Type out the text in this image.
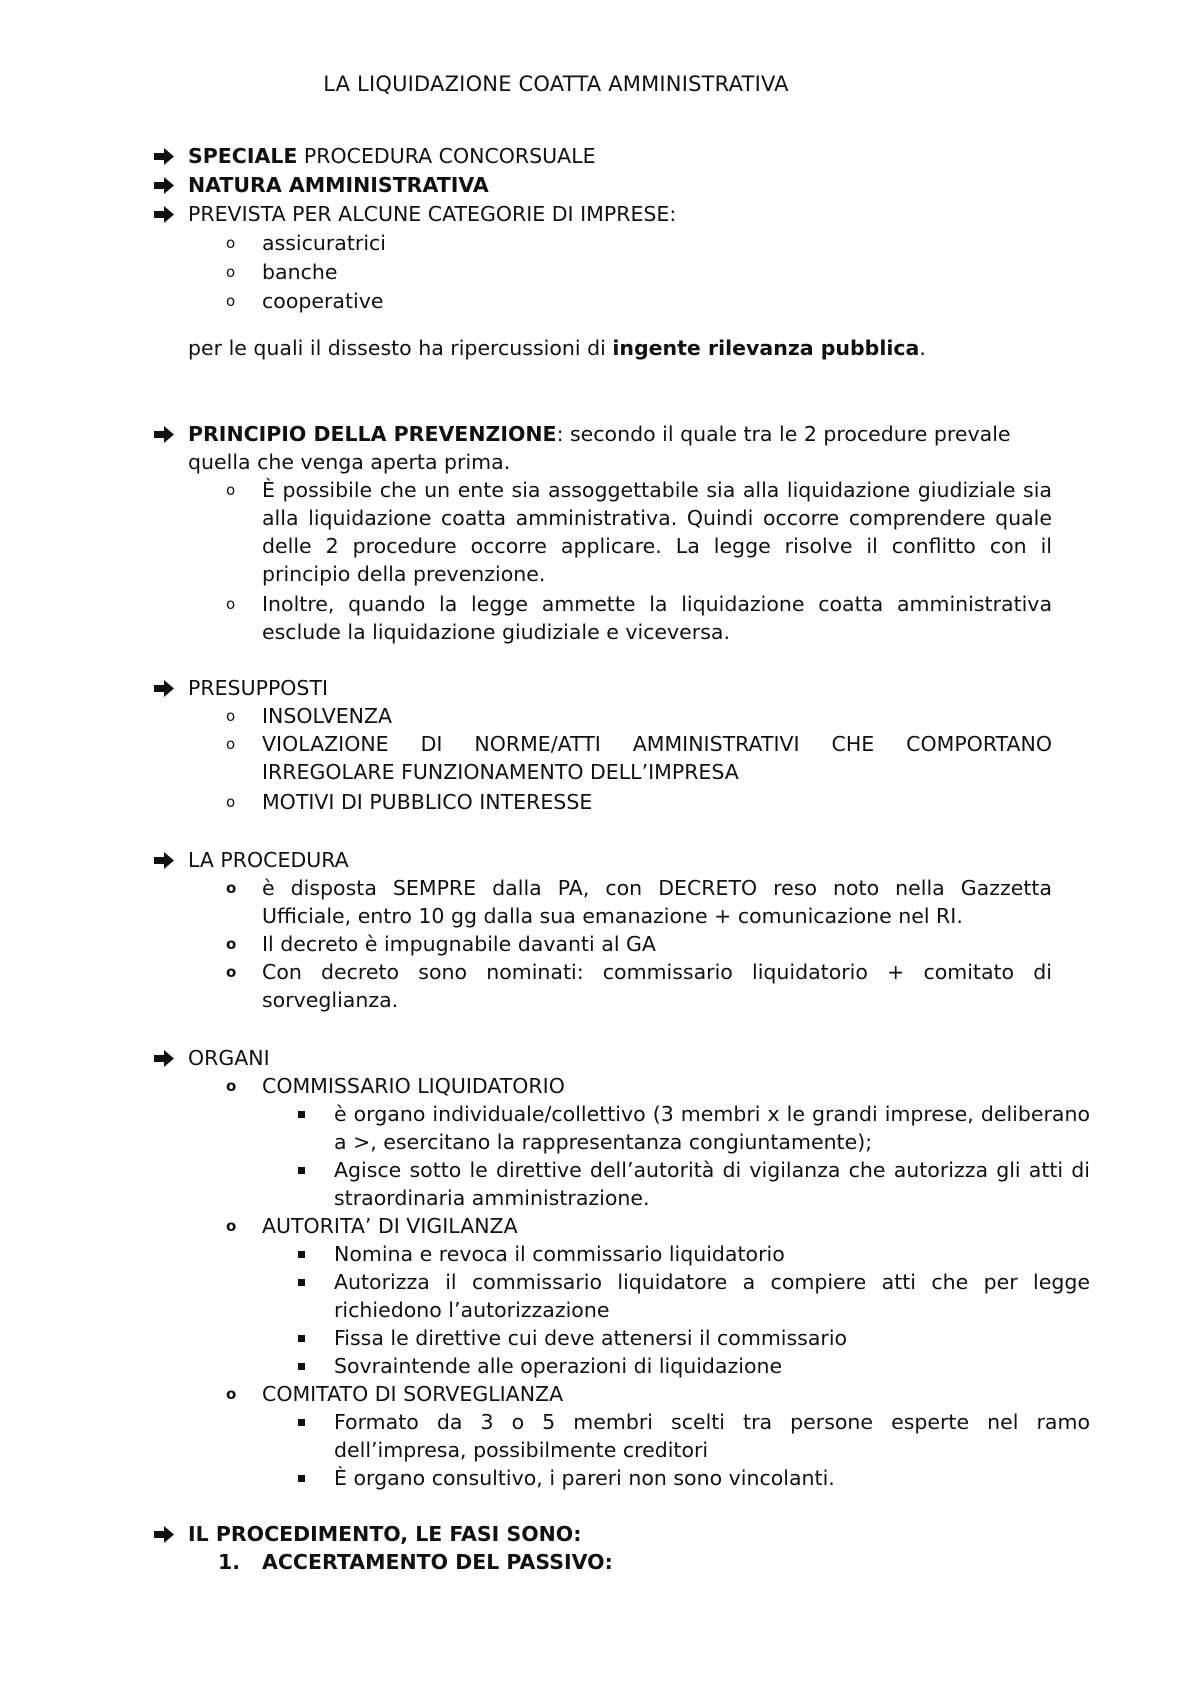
LA LIQUIDAZIONE COATTA AMMINISTRATIVA
SPECIALE PROCEDURA CONCORSUALE
NATURA AMMINISTRATIVA
PREVISTA PER ALCUNE CATEGORIE DI IMPRESE:
o assicuratrici
o banche
o cooperative
per le quali il dissesto ha ripercussioni di ingente rilevanza pubblica.
PRINCIPIO DELLA PREVENZIONE: secondo il quale tra le 2 procedure prevale
quella che venga aperta prima.
o È possibile che un ente sia assoggettabile sia alla liquidazione giudiziale sia alla liquidazione coatta amministrativa. Quindi occorre comprendere quale delle 2 procedure occorre applicare. La legge risolve il conflitto con il principio della prevenzione.
o Inoltre, quando la legge ammette la liquidazione coatta amministrativa esclude la liquidazione giudiziale e viceversa.
PRESUPPOSTI
o INSOLVENZA
o VIOLAZIONE DI NORME/ATTI AMMINISTRATIVI CHE COMPORTANO IRREGOLARE FUNZIONAMENTO DELL’IMPRESA
o MOTIVI DI PUBBLICO INTERESSE
LA PROCEDURA
o è disposta SEMPRE dalla PA, con DECRETO reso noto nella Gazzetta Ufficiale, entro 10 gg dalla sua emanazione + comunicazione nel RI.
o Il decreto è impugnabile davanti al GA
o Con decreto sono nominati: commissario liquidatorio + comitato di sorveglianza.
ORGANI
o COMMISSARIO LIQUIDATORIO
è organo individuale/collettivo (3 membri x le grandi imprese, deliberano a >, esercitano la rappresentanza congiuntamente);
Agisce sotto le direttive dell’autorità di vigilanza che autorizza gli atti di straordinaria amministrazione.
o AUTORITA’ DI VIGILANZA
Nomina e revoca il commissario liquidatorio
Autorizza il commissario liquidatore a compiere atti che per legge richiedono l’autorizzazione
Fissa le direttive cui deve attenersi il commissario
Sovraintende alle operazioni di liquidazione
o COMITATO DI SORVEGLIANZA
Formato da 3 o 5 membri scelti tra persone esperte nel ramo dell’impresa, possibilmente creditori
È organo consultivo, i pareri non sono vincolanti.
IL PROCEDIMENTO, LE FASI SONO:
1. ACCERTAMENTO DEL PASSIVO:
